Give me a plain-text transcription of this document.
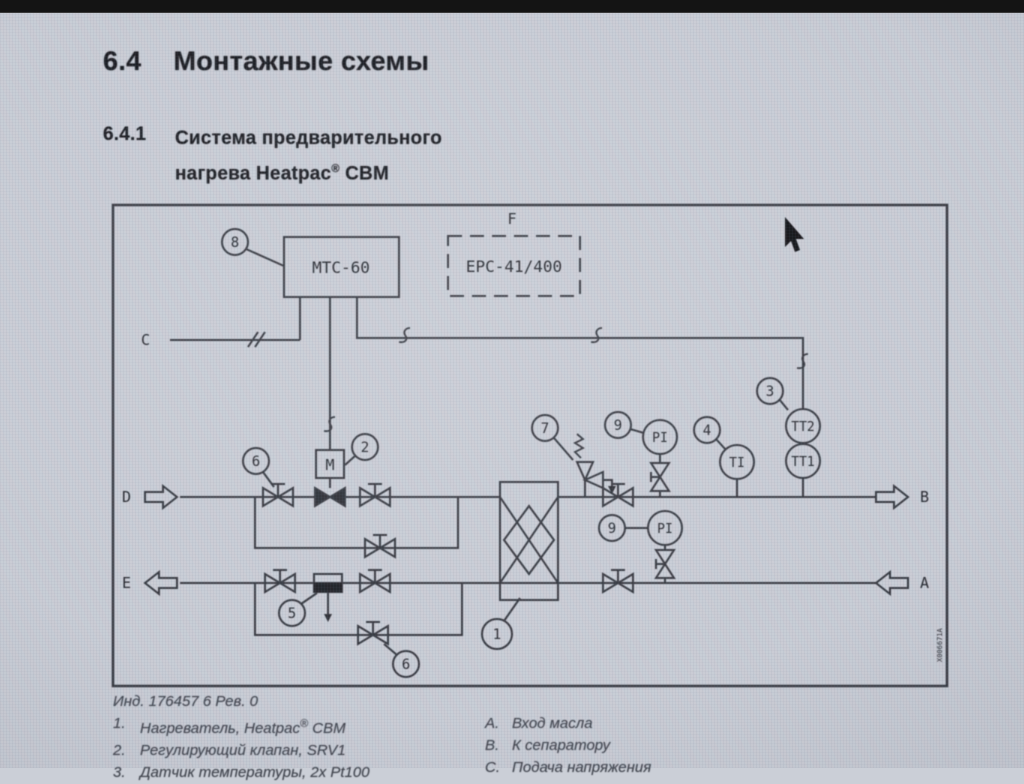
6.4 Монтажные схемы
6.4.1	Система предварительного
нагрева Heatpac® CBM
MTC-60	EPC-41/400
F
C
D
E
B
A
M
PI
PI
TI
TT2
TT1
8
2
6
7	9	4
3
9
5
6
1	X006671A
Инд. 176457 6 Рев. 0
1. Нагреватель, Heatpac® CBM
2. Регулирующий клапан, SRV1
3. Датчик температуры, 2x Pt100
A. Вход масла
B. К сепаратору
C. Подача напряжения
